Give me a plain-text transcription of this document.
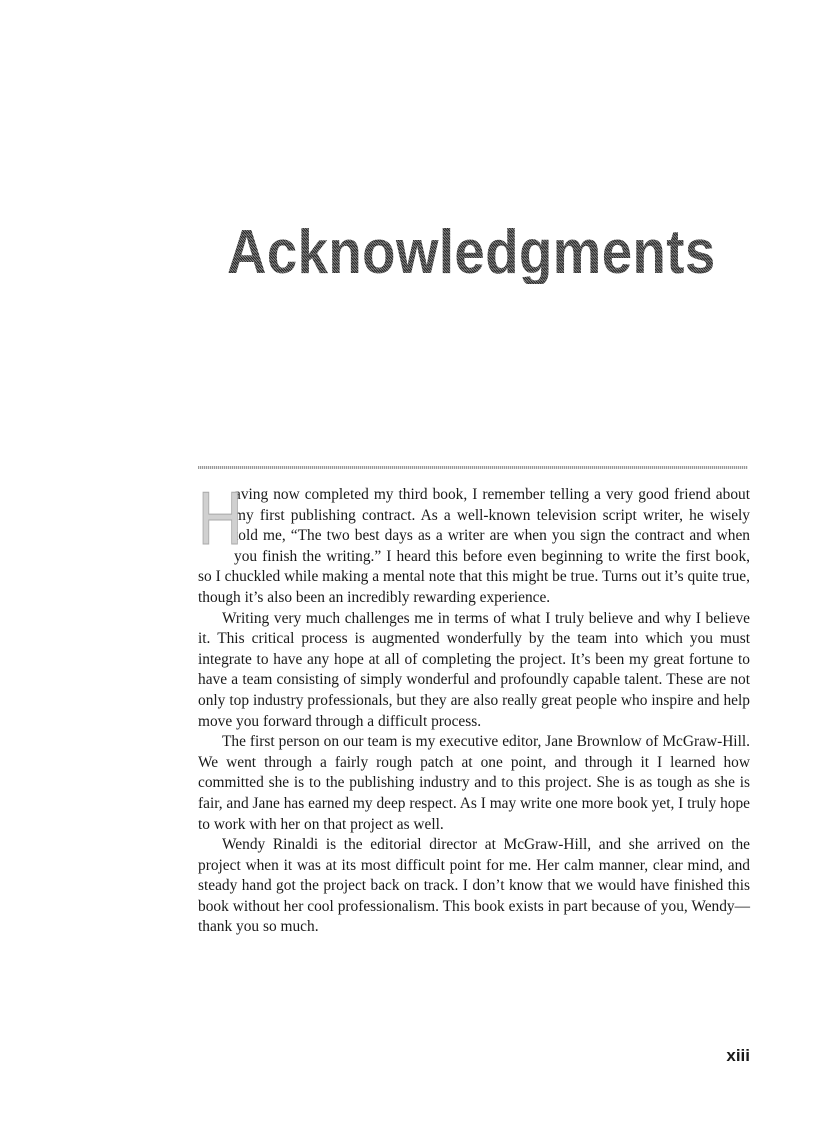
Acknowledgments

H
aving now completed my third book, I remember telling a very good friend about my first publishing contract. As a well-known television script writer, he wisely told me, “The two best days as a writer are when you sign the contract and when you finish the writing.” I heard this before even beginning to write the first book, so I chuckled while making a mental note that this might be true. Turns out it’s quite true, though it’s also been an incredibly rewarding experience.

Writing very much challenges me in terms of what I truly believe and why I believe it. This critical process is augmented wonderfully by the team into which you must integrate to have any hope at all of completing the project. It’s been my great fortune to have a team consisting of simply wonderful and profoundly capable talent. These are not only top industry professionals, but they are also really great people who inspire and help move you forward through a difficult process.

The first person on our team is my executive editor, Jane Brownlow of McGraw-Hill. We went through a fairly rough patch at one point, and through it I learned how committed she is to the publishing industry and to this project. She is as tough as she is fair, and Jane has earned my deep respect. As I may write one more book yet, I truly hope to work with her on that project as well.

Wendy Rinaldi is the editorial director at McGraw-Hill, and she arrived on the project when it was at its most difficult point for me. Her calm manner, clear mind, and steady hand got the project back on track. I don’t know that we would have finished this book without her cool professionalism. This book exists in part because of you, Wendy—thank you so much.

xiii
